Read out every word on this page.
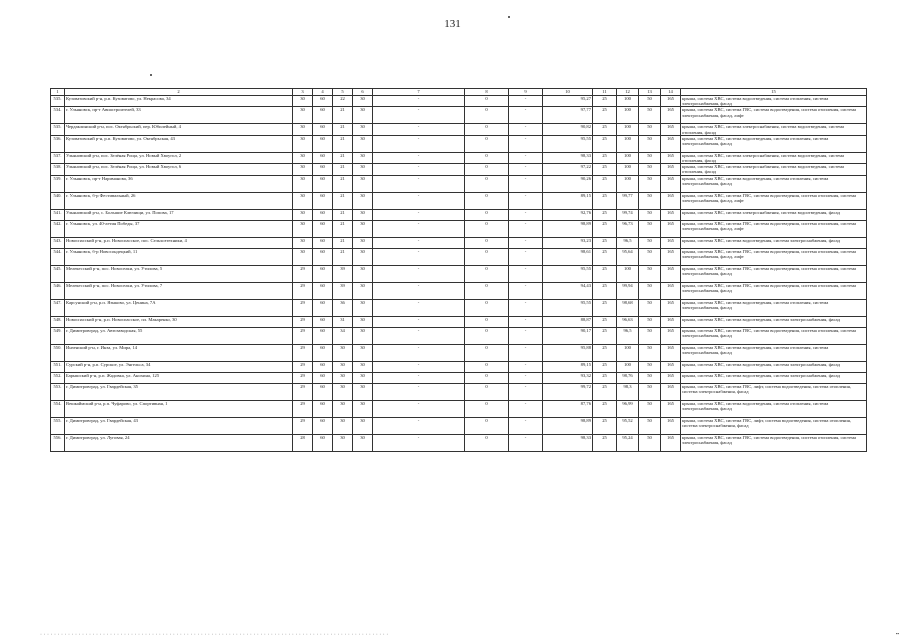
131
1	2	3	4	5	6	7	8	9	10	11	12	13	14	15
535.	Кузоватовский р-н, р.п. Кузоватово, ул. Некрасова, 34	30	60	22	30	-	0	-	95,27	25	100	50	165	крыша, система ХВС, система водоотведения, система отопления, система электроснабжения, фасад
534.	г. Ульяновск, пр-т Авиастроителей, 33	30	60	21	30	-	0	-	97,77	25	100	50	165	крыша, система ХВС, система ГВС, система водоотведения, система отопления, система электроснабжения, фасад, лифт
535.	Чердаклинский р-н, пос. Октябрьский, пер. Юбилейный, 4	30	60	21	30	-	0	-	90,82	25	100	50	165	крыша, система ХВС, система электроснабжения, система водоотведения, система отопления, фасад
536.	Кузоватовский р-н, р.п. Кузоватово, ул. Октябрьская, 43	30	60	21	30	-	0	-	95,55	25	100	50	165	крыша, система ХВС, система водоотведения, система отопления, система электроснабжения, фасад
537.	Ульяновский р-н, пос. Зелёная Роща, ул. Новый Хвоугол, 2	30	60	21	30	-	0	-	98,33	25	100	50	165	крыша, система ХВС, система электроснабжения, система водоотведения, система отопления, фасад
538.	Ульяновский р-н, пос. Зелёная Роща, ул. Новый Хвоугол, 6	30	60	21	30	-	0	-	97,22	25	100	50	165	крыша, система ХВС, система электроснабжения, система водоотведения, система отопления, фасад
539.	г. Ульяновск, пр-т Нариманова, 36	30	60	21	30	-	0	-	90,26	25	100	50	165	крыша, система ХВС, система водоотведения, система отопления, система электроснабжения, фасад
540.	г. Ульяновск, б-р Фестивальный, 26	30	60	21	30	-	0	-	89,15	25	99,77	50	165	крыша, система ХВС, система ГВС, система водоотведения, система отопления, система электроснабжения, фасад, лифт
541.	Ульяновский р-н, с. Большие Ключищи, ул. Попова, 17	30	60	21	30	-	0	-	92,76	25	99,74	50	165	крыша, система ХВС, система электроснабжения, система водоотведения, фасад
542.	г. Ульяновск, ул. 40-летия Победы, 37	30	60	21	30	-	0	-	98,89	25	96,73	50	165	крыша, система ХВС, система ГВС, система водоотведения, система отопления, система электроснабжения, фасад, лифт
543.	Новоспасский р-н, р.п. Новоспасское, пос. Сельхозтехники, 4	30	60	21	30	-	0	-	93,23	25	96,5	50	165	крыша, система ХВС, система водоотведения, система электроснабжения, фасад
544.	г. Ульяновск, б-р Новосондецкий, 11	30	60	21	30	-	0	-	98,61	25	95,64	50	165	крыша, система ХВС, система ГВС, система водоотведения, система отопления, система электроснабжения, фасад, лифт
545.	Мелекесский р-н, пос. Новоселки, ул. Утилова, 5	29	60	39	30	-	0	-	95,55	25	100	50	165	крыша, система ХВС, система ГВС, система водоотведения, система отопления, система электроснабжения, фасад
546.	Мелекесский р-н, пос. Новоселки, ул. Утилова, 7	29	60	39	30	-	0	-	94,43	25	99,94	50	165	крыша, система ХВС, система ГВС, система водоотведения, система отопления, система электроснабжения, фасад
547.	Карсунский р-н, р.п. Языково, ул. Ценина, 7А	29	60	36	30	-	0	-	95,55	25	98,68	50	165	крыша, система ХВС, система водоотведения, система отопления, система электроснабжения, фасад
548.	Новоспасский р-н, р.п. Новоспасское, пл. Макаренко, 30	29	60	31	30	-	0	-	88,87	25	96,63	50	165	крыша, система ХВС, система водоотведения, система электроснабжения, фасад
549.	г. Димитровград, ул. Автозаводская, 55	29	60	34	30	-	0	-	90,17	25	96,5	50	165	крыша, система ХВС, система ГВС, система водоотведения, система отопления, система электроснабжения, фасад
550.	Инзенский р-н, г. Инза, ул. Мира, 14	29	60	30	30	-	0	-	95,88	25	100	50	165	крыша, система ХВС, система водоотведения, система отопления, система электроснабжения, фасад
551.	Сурский р-н, р.п. Сурское, ул. Энгельса, 34	29	60	30	30	-	0	-	89,15	25	100	50	165	крыша, система ХВС, система водоотведения, система электроснабжения, фасад
552.	Барышский р-н, р.п. Жадовка, ул. Анохина, 125	29	60	30	30	-	0	-	93,32	25	98,76	50	165	крыша, система ХВС, система водоотведения, система электроснабжения, фасад
553.	г. Димитровград, ул. Гвардейская, 35	29	60	30	30	-	0	-	99,72	25	98,3	50	165	крыша, система ХВС, система ГВС, лифт, система водоотведения, система отопления, система электроснабжения, фасад
554.	Вешкаймский р-н, р.п. Чуфарово, ул. Спортивная, 1	29	60	30	30	-	0	-	87,76	25	96,99	50	165	крыша, система ХВС, система водоотведения, система отопления, система электроснабжения, фасад
555.	г. Димитровград, ул. Гвардейская, 43	29	60	30	30	-	0	-	98,89	25	95,52	50	165	крыша, система ХВС, система ГВС, лифт, система водоотведения, система отопления, система электроснабжения, фасад
556.	г. Димитровград, ул. Луговая, 24	28	60	30	30	-	0	-	98,33	25	95,24	50	165	крыша, система ХВС, система ГВС, система водоотведения, система отопления, система электроснабжения, фасад
· · · · · · · · · · · · · · · · · · · · · · · · · · · · · · · · · · · · · · · · · · · · · · · · · · · · · · · · · · · · · · · · · · · · · · · · · · · · · · · · · · · · · · · · · · · · · · · · · · · ·	▪▪
